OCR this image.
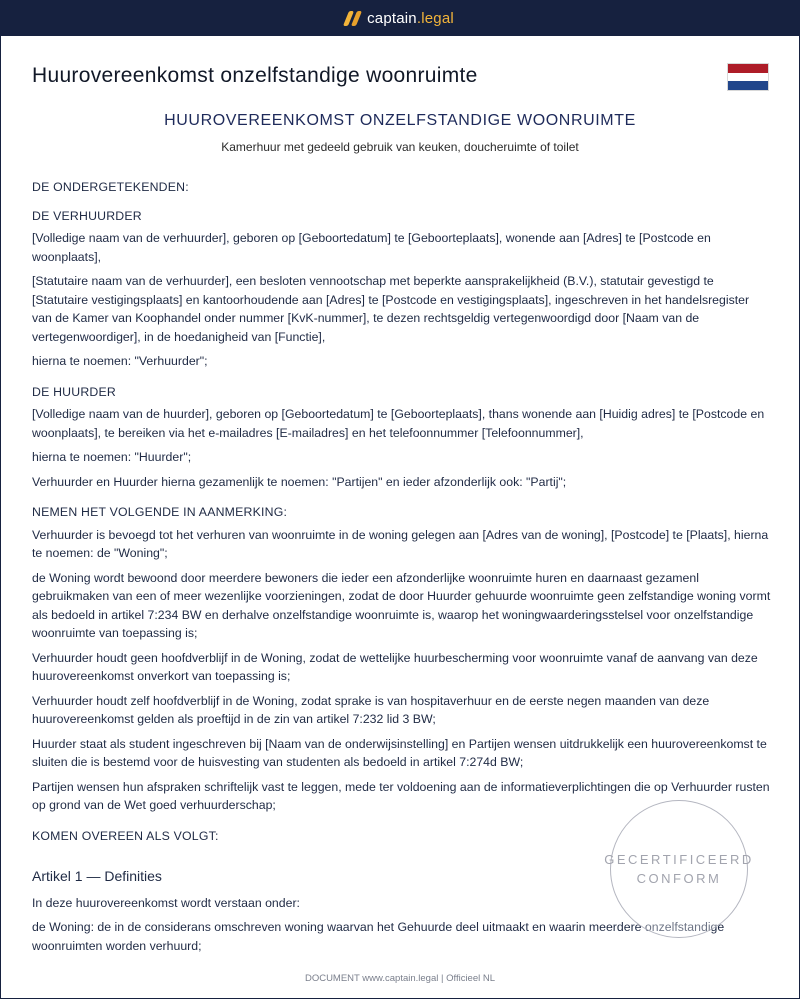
captain.legal
Huurovereenkomst onzelfstandige woonruimte
HUUROVEREENKOMST ONZELFSTANDIGE WOONRUIMTE

Kamerhuur met gedeeld gebruik van keuken, doucheruimte of toilet

DE ONDERGETEKENDEN:
DE VERHUURDER

[Volledige naam van de verhuurder], geboren op [Geboortedatum] te [Geboorteplaats], wonende aan [Adres] te [Postcode en woonplaats],

[Statutaire naam van de verhuurder], een besloten vennootschap met beperkte aansprakelijkheid (B.V.), statutair gevestigd te [Statutaire vestigingsplaats] en kantoorhoudende aan [Adres] te [Postcode en vestigingsplaats], ingeschreven in het handelsregister van de Kamer van Koophandel onder nummer [KvK-nummer], te dezen rechtsgeldig vertegenwoordigd door [Naam van de vertegenwoordiger], in de hoedanigheid van [Functie],

hierna te noemen: "Verhuurder";

DE HUURDER

[Volledige naam van de huurder], geboren op [Geboortedatum] te [Geboorteplaats], thans wonende aan [Huidig adres] te [Postcode en woonplaats], te bereiken via het e-mailadres [E-mailadres] en het telefoonnummer [Telefoonnummer],

hierna te noemen: "Huurder";

Verhuurder en Huurder hierna gezamenlijk te noemen: "Partijen" en ieder afzonderlijk ook: "Partij";

NEMEN HET VOLGENDE IN AANMERKING:

Verhuurder is bevoegd tot het verhuren van woonruimte in de woning gelegen aan [Adres van de woning], [Postcode] te [Plaats], hierna te noemen: de "Woning";

de Woning wordt bewoond door meerdere bewoners die ieder een afzonderlijke woonruimte huren en daarnaast gezamenl gebruikmaken van een of meer wezenlijke voorzieningen, zodat de door Huurder gehuurde woonruimte geen zelfstandige woning vormt als bedoeld in artikel 7:234 BW en derhalve onzelfstandige woonruimte is, waarop het woningwaarderingsstelsel voor onzelfstandige woonruimte van toepassing is;

Verhuurder houdt geen hoofdverblijf in de Woning, zodat de wettelijke huurbescherming voor woonruimte vanaf de aanvang van deze huurovereenkomst onverkort van toepassing is;

Verhuurder houdt zelf hoofdverblijf in de Woning, zodat sprake is van hospitaverhuur en de eerste negen maanden van deze huurovereenkomst gelden als proeftijd in de zin van artikel 7:232 lid 3 BW;

Huurder staat als student ingeschreven bij [Naam van de onderwijsinstelling] en Partijen wensen uitdrukkelijk een huurovereenkomst te sluiten die is bestemd voor de huisvesting van studenten als bedoeld in artikel 7:274d BW;

Partijen wensen hun afspraken schriftelijk vast te leggen, mede ter voldoening aan de informatieverplichtingen die op Verhuurder rusten op grond van de Wet goed verhuurderschap;

KOMEN OVEREEN ALS VOLGT:
Artikel 1 — Definities

In deze huurovereenkomst wordt verstaan onder:

de Woning: de in de considerans omschreven woning waarvan het Gehuurde deel uitmaakt en waarin meerdere onzelfstandige woonruimten worden verhuurd;

GECERTIFICEERD
CONFORM
DOCUMENT www.captain.legal | Officieel NL
